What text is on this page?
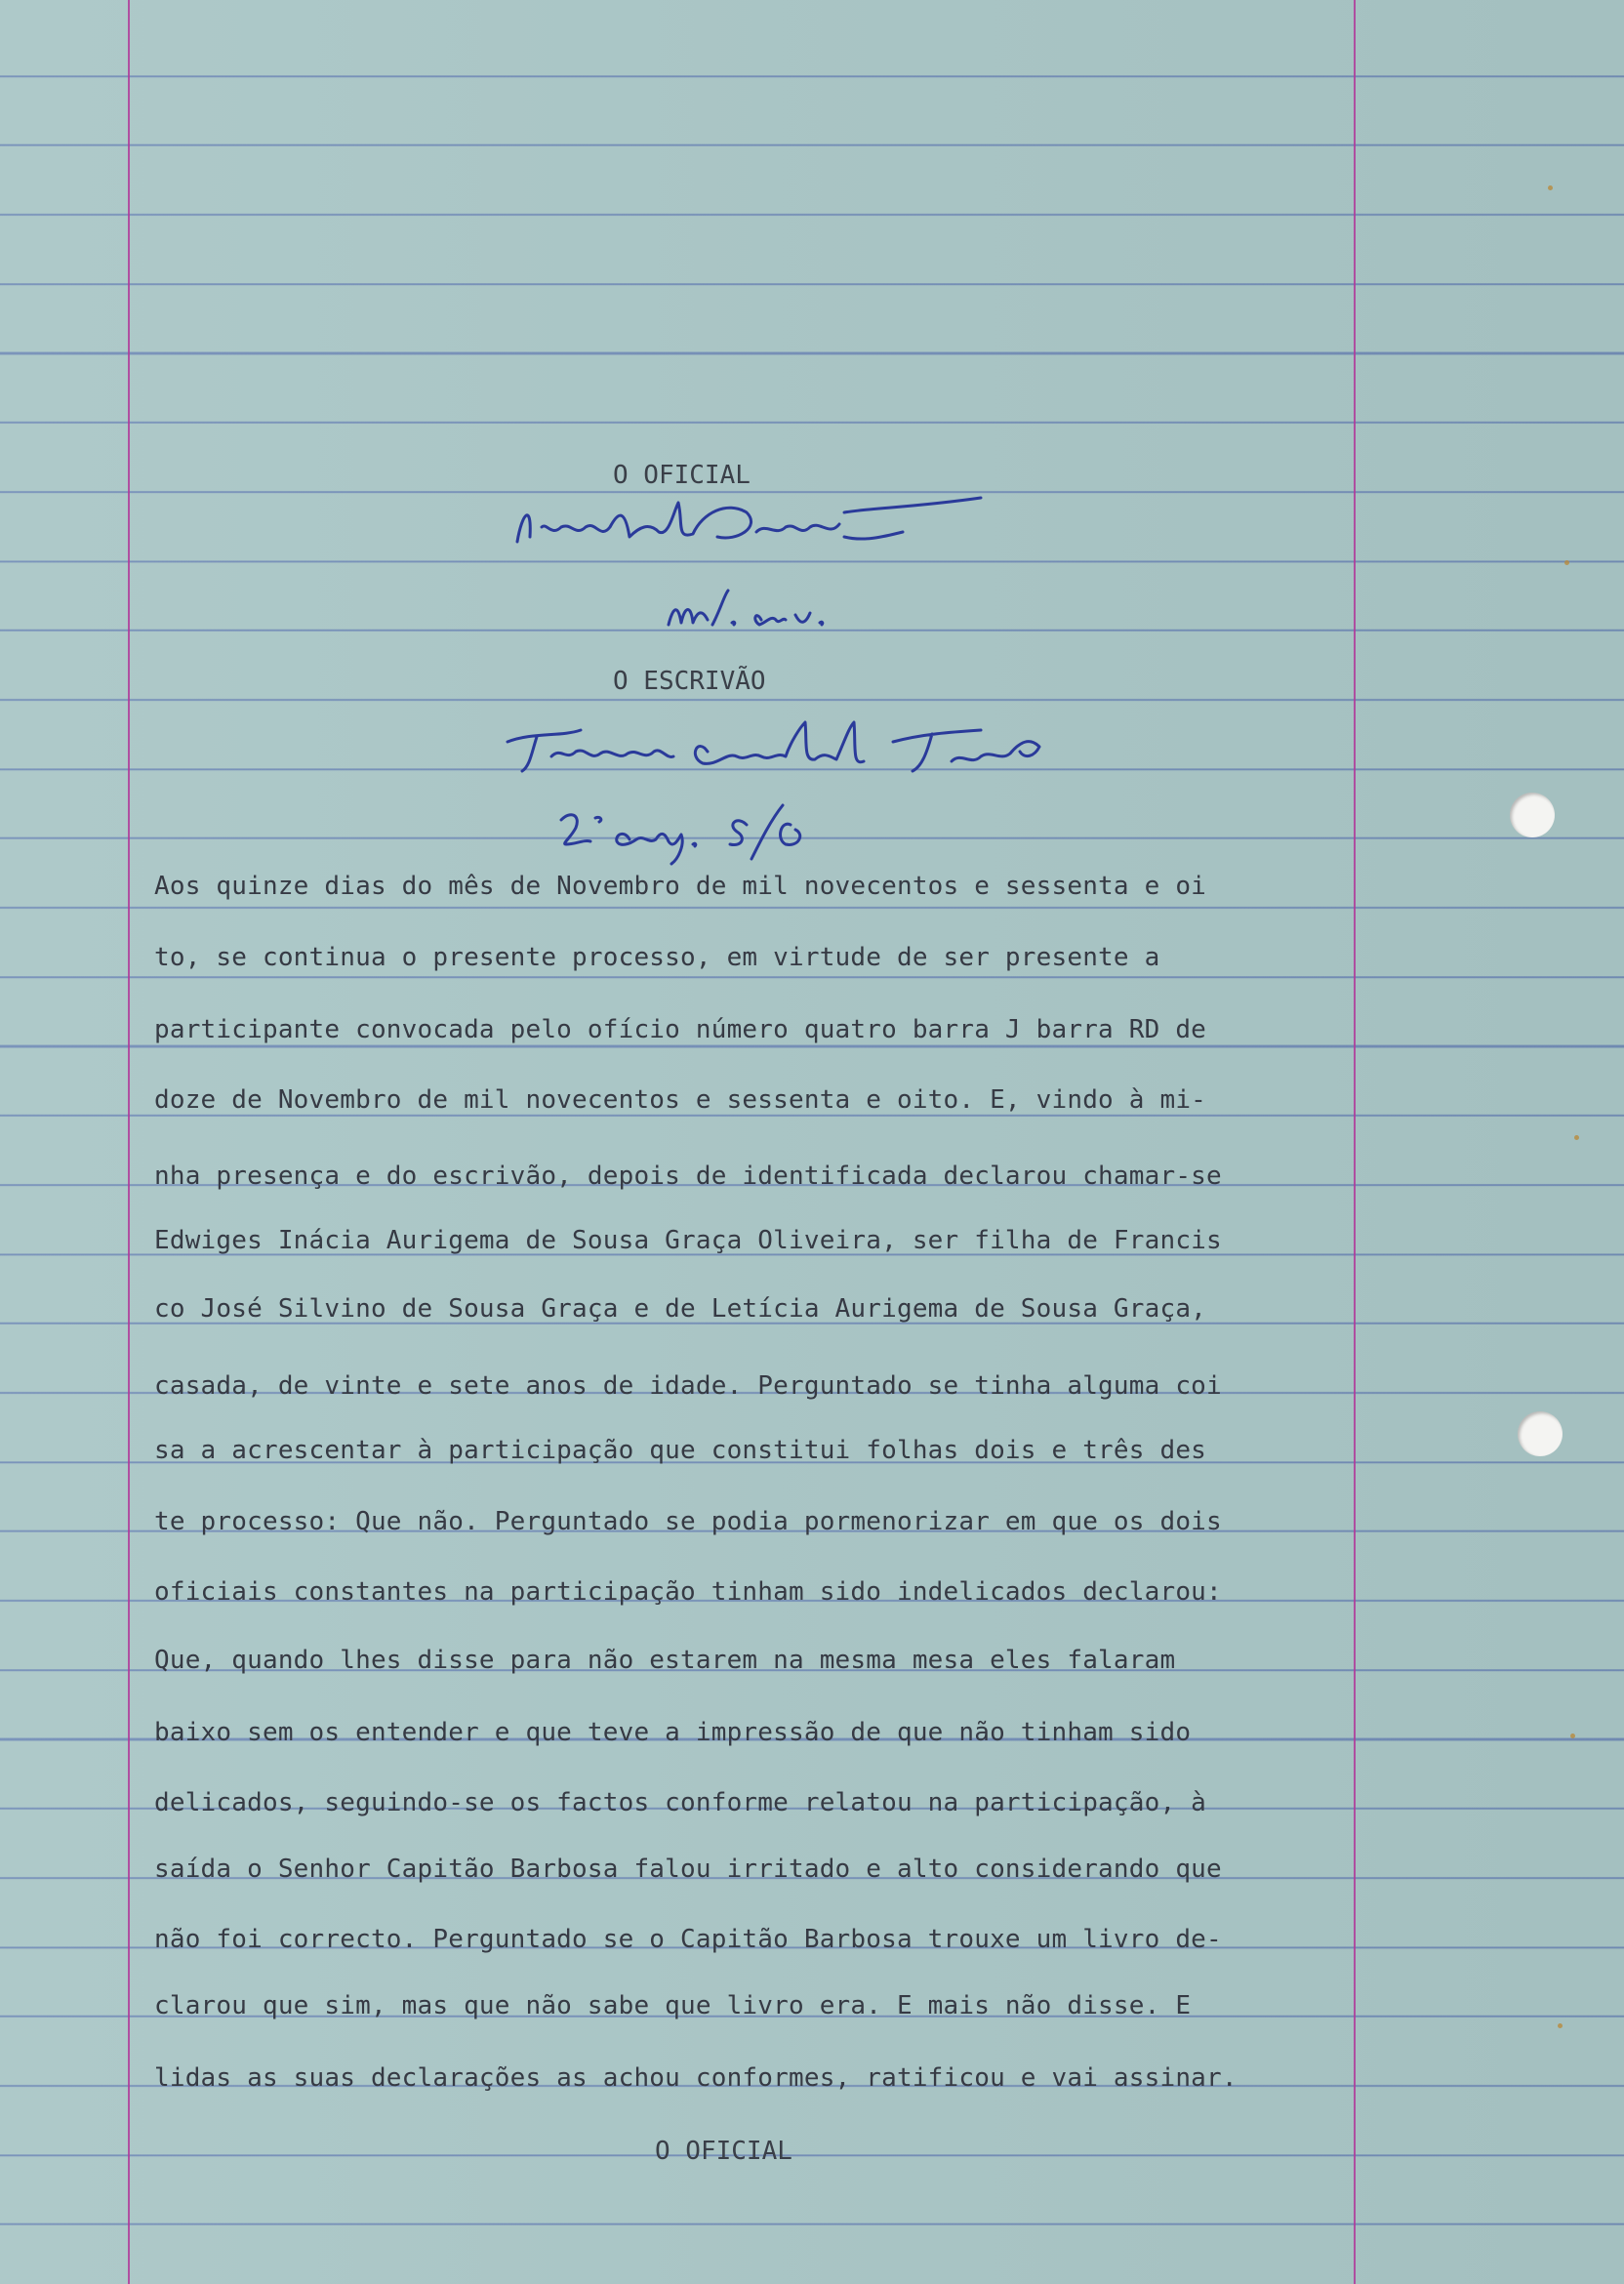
O OFICIAL
O ESCRIVÃO
Aos quinze dias do mês de Novembro de mil novecentos e sessenta e oi
to, se continua o presente processo, em virtude de ser presente a
participante convocada pelo ofício número quatro barra J barra RD de
doze de Novembro de mil novecentos e sessenta e oito. E, vindo à mi-
nha presença e do escrivão, depois de identificada declarou chamar-se
Edwiges Inácia Aurigema de Sousa Graça Oliveira, ser filha de Francis
co José Silvino de Sousa Graça e de Letícia Aurigema de Sousa Graça,
casada, de vinte e sete anos de idade. Perguntado se tinha alguma coi
sa a acrescentar à participação que constitui folhas dois e três des
te processo: Que não. Perguntado se podia pormenorizar em que os dois
oficiais constantes na participação tinham sido indelicados declarou:
Que, quando lhes disse para não estarem na mesma mesa eles falaram
baixo sem os entender e que teve a impressão de que não tinham sido
delicados, seguindo-se os factos conforme relatou na participação, à
saída o Senhor Capitão Barbosa falou irritado e alto considerando que
não foi correcto. Perguntado se o Capitão Barbosa trouxe um livro de-
clarou que sim, mas que não sabe que livro era. E mais não disse. E
lidas as suas declarações as achou conformes, ratificou e vai assinar.
O OFICIAL
